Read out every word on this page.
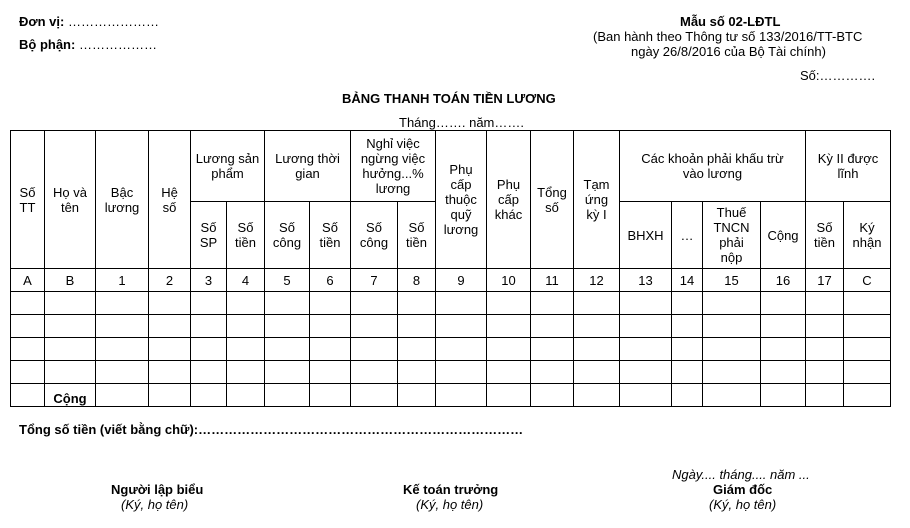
Đơn vị: …………………
Bộ phận: ………………
Mẫu số 02-LĐTL
(Ban hành theo Thông tư số 133/2016/TT-BTC
ngày 26/8/2016 của Bộ Tài chính)
Số:………….
BẢNG THANH TOÁN TIỀN LƯƠNG
Tháng……. năm…….
Số TT	Họ và tên	Bậc lương	Hệ số	Lương sản phẩm		Lương thời gian		Nghỉ việc ngừng việc hưởng...% lương		Phụ cấp thuộc quỹ lương	Phụ cấp khác	Tổng số	Tạm ứng kỳ I	Các khoản phải khấu trừ vào lương				Kỳ II được lĩnh	
				Số SP	Số tiền	Số công	Số tiền	Số công	Số tiền					BHXH	…	Thuế TNCN phải nộp	Cộng	Số tiền	Ký nhận
A	B	1	2	3	4	5	6	7	8	9	10	11	12	13	14	15	16	17	C

	Cộng																		
Tổng số tiền (viết bằng chữ):…………………………………………………………………
Ngày.... tháng.... năm ...
Người lập biểu
(Ký, họ tên)
Kế toán trưởng
(Ký, họ tên)
Giám đốc
(Ký, họ tên)
